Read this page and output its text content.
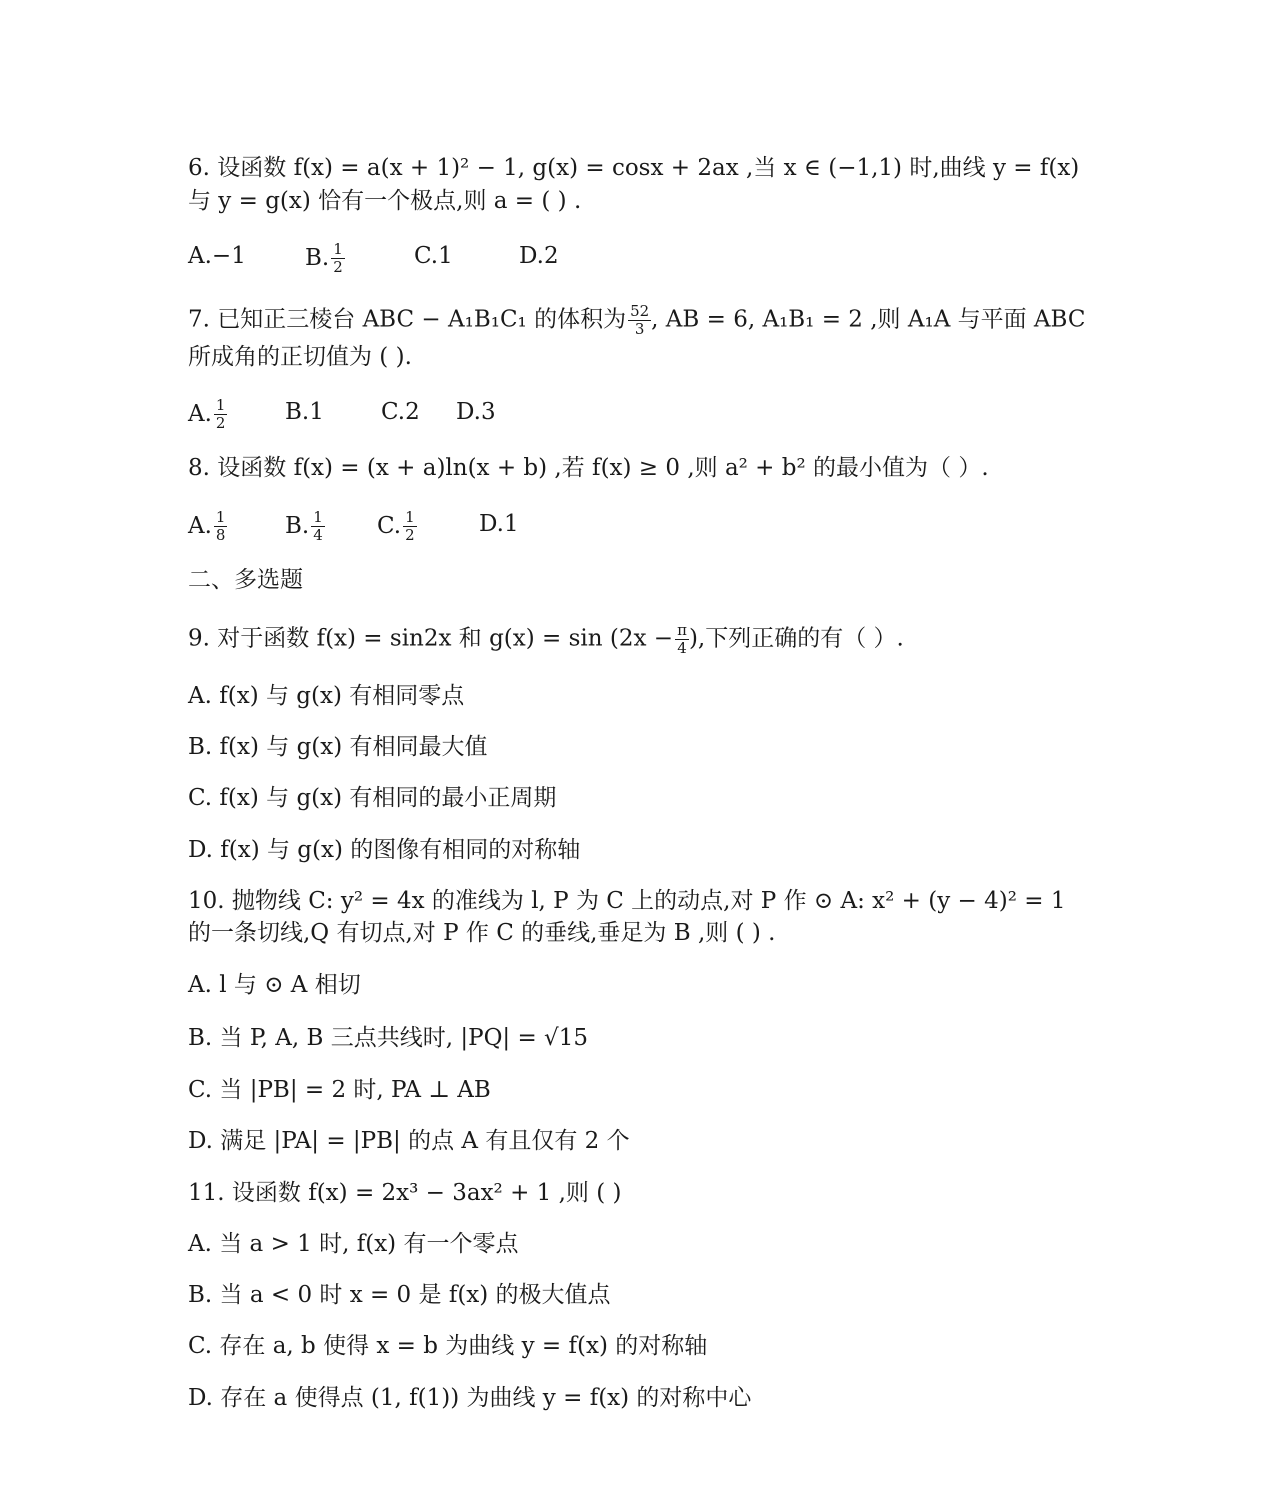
6. 设函数 f(x) = a(x + 1)² − 1, g(x) = cosx + 2ax ,当 x ∈ (−1,1) 时,曲线 y = f(x)
与 y = g(x) 恰有一个极点,则 a = ( ) .
A.−1	B. $\frac{1}{2}$	C.1	D.2
7. 已知正三棱台 ABC − A₁B₁C₁ 的体积为 $\frac{52}{3}$ , AB = 6, A₁B₁ = 2 ,则 A₁A 与平面 ABC
所成角的正切值为 ( ).
A. $\frac{1}{2}$	B.1 C.2 D.3
8. 设函数 f(x) = (x + a)ln(x + b) ,若 f(x) ≥ 0 ,则 a² + b² 的最小值为（ ）.
A. $\frac{1}{8}$	B. $\frac{1}{4} C$. $\frac{1}{2}$	D.1
二、多选题
9. 对于函数 f(x) = sin2x 和 $g(x) = \sin (2x - \frac{\pi}{4}$ ),下列正确的有（ ）.
A. f(x) 与 g(x) 有相同零点
B. f(x) 与 g(x) 有相同最大值
C. f(x) 与 g(x) 有相同的最小正周期
D. f(x) 与 g(x) 的图像有相同的对称轴
10. 抛物线 C: y² = 4x 的准线为 l, P 为 C 上的动点,对 P 作 ⊙ A: x² + (y − 4)² = 1
的一条切线,Q 有切点,对 P 作 C 的垂线,垂足为 B ,则 ( ) .
A. l 与 ⊙ A 相切
B. 当 P, A, B 三点共线时, |PQ| = √15
C. 当 |PB| = 2 时, PA ⊥ AB
D. 满足 |PA| = |PB| 的点 A 有且仅有 2 个
11. 设函数 f(x) = 2x³ − 3ax² + 1 ,则 ( )
A. 当 a > 1 时, f(x) 有一个零点
B. 当 a < 0 时 x = 0 是 f(x) 的极大值点
C. 存在 a, b 使得 x = b 为曲线 y = f(x) 的对称轴
D. 存在 a 使得点 (1, f(1)) 为曲线 y = f(x) 的对称中心
